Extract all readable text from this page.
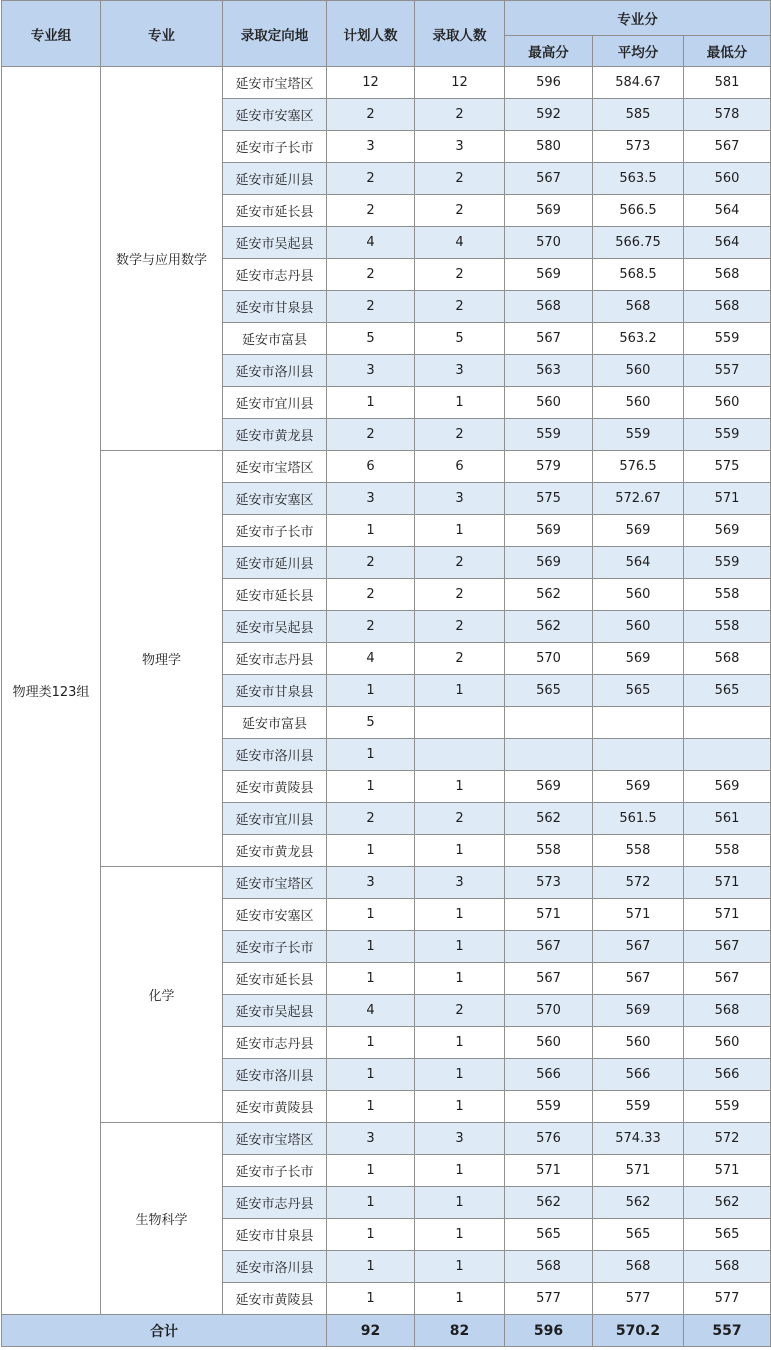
专业组	专业	录取定向地	计划人数	录取人数	专业分		
					最高分	平均分	最低分
物理类123组	数学与应用数学	延安市宝塔区	12	12	596	584.67	581
		延安市安塞区	2	2	592	585	578
		延安市子长市	3	3	580	573	567
		延安市延川县	2	2	567	563.5	560
		延安市延长县	2	2	569	566.5	564
		延安市吴起县	4	4	570	566.75	564
		延安市志丹县	2	2	569	568.5	568
		延安市甘泉县	2	2	568	568	568
		延安市富县	5	5	567	563.2	559
		延安市洛川县	3	3	563	560	557
		延安市宜川县	1	1	560	560	560
		延安市黄龙县	2	2	559	559	559
	物理学	延安市宝塔区	6	6	579	576.5	575
		延安市安塞区	3	3	575	572.67	571
		延安市子长市	1	1	569	569	569
		延安市延川县	2	2	569	564	559
		延安市延长县	2	2	562	560	558
		延安市吴起县	2	2	562	560	558
		延安市志丹县	4	2	570	569	568
		延安市甘泉县	1	1	565	565	565
		延安市富县	5				
		延安市洛川县	1				
		延安市黄陵县	1	1	569	569	569
		延安市宜川县	2	2	562	561.5	561
		延安市黄龙县	1	1	558	558	558
	化学	延安市宝塔区	3	3	573	572	571
		延安市安塞区	1	1	571	571	571
		延安市子长市	1	1	567	567	567
		延安市延长县	1	1	567	567	567
		延安市吴起县	4	2	570	569	568
		延安市志丹县	1	1	560	560	560
		延安市洛川县	1	1	566	566	566
		延安市黄陵县	1	1	559	559	559
	生物科学	延安市宝塔区	3	3	576	574.33	572
		延安市子长市	1	1	571	571	571
		延安市志丹县	1	1	562	562	562
		延安市甘泉县	1	1	565	565	565
		延安市洛川县	1	1	568	568	568
		延安市黄陵县	1	1	577	577	577
合计			92	82	596	570.2	557
